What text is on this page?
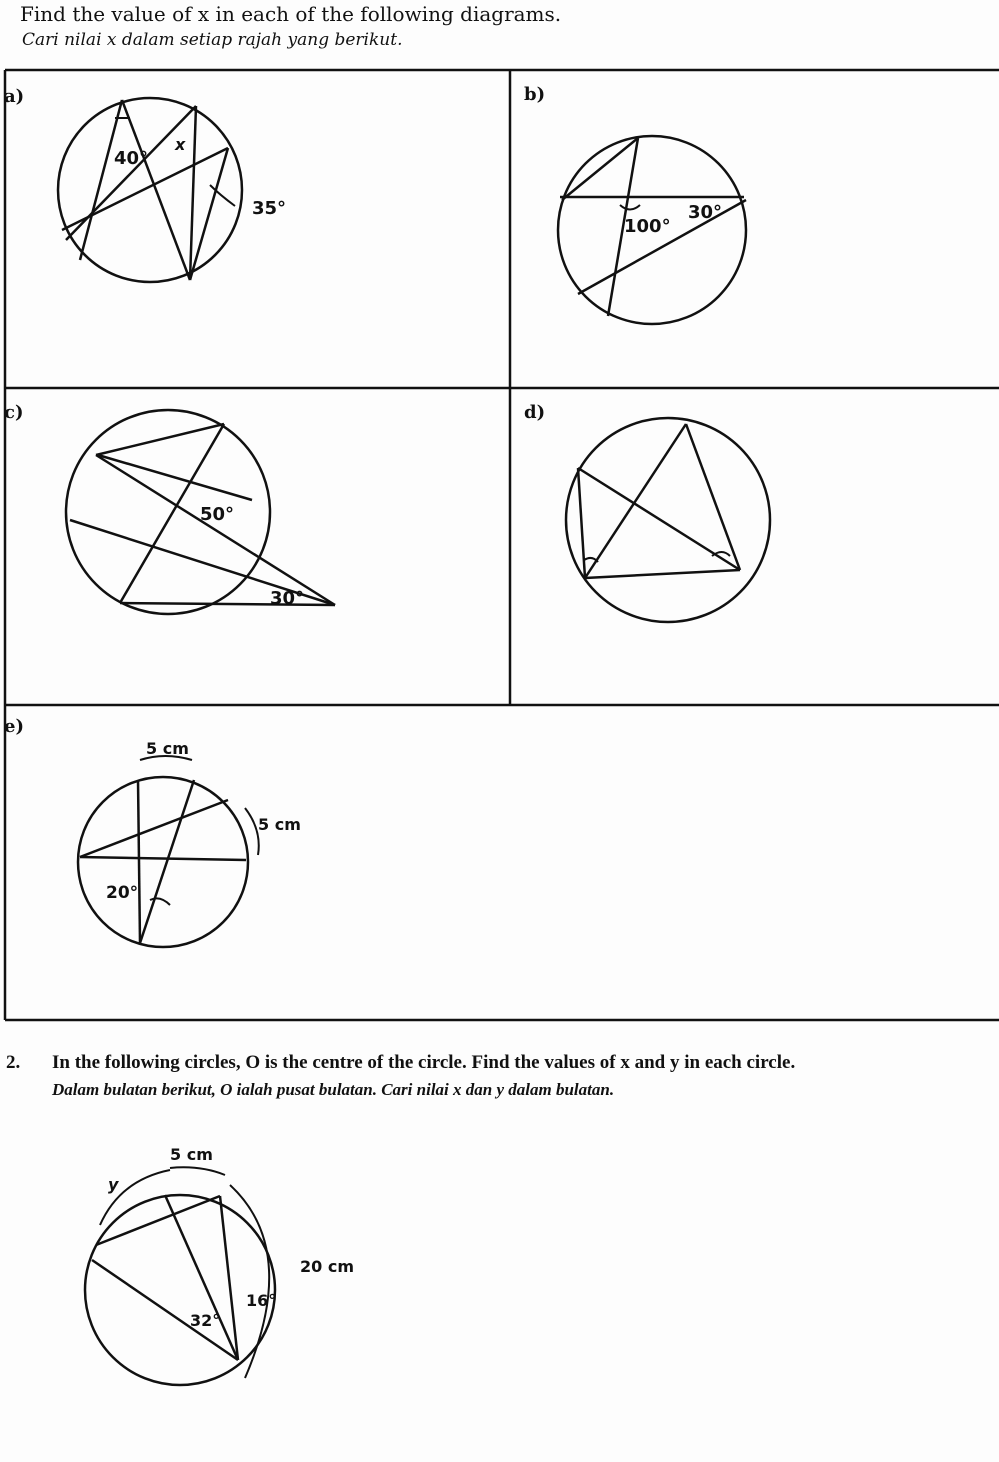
Find the value of x in each of the following diagrams.
Cari nilai x dalam setiap rajah yang berikut.
a)	b)
c)	d)
e)
2. In the following circles, O is the centre of the circle. Find the values of x and y in each circle.
Dalam bulatan berikut, O ialah pusat bulatan. Cari nilai x dan y dalam bulatan.
40°
x
35°
100°
30°
50°
30°
5 cm
5 cm
20°
5 cm
y
20 cm
16°
32°
